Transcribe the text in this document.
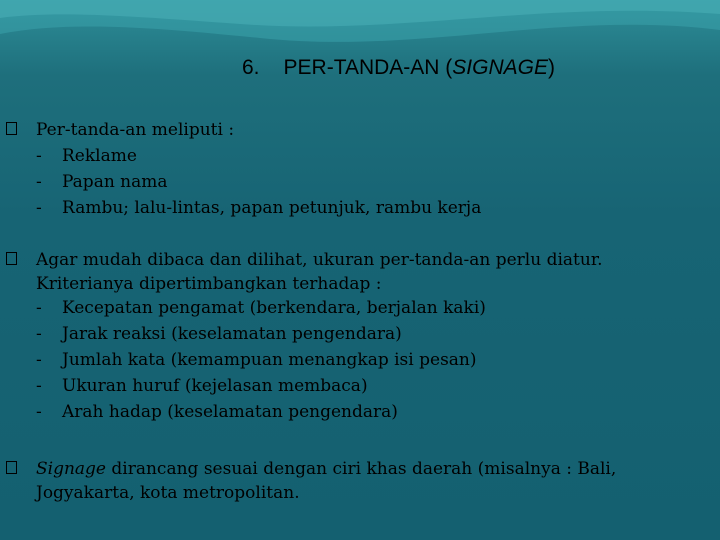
6. PER-TANDA-AN (SIGNAGE)
Per-tanda-an meliputi :
- Reklame
- Papan nama
- Rambu; lalu-lintas, papan petunjuk, rambu kerja
Agar mudah dibaca dan dilihat, ukuran per-tanda-an perlu diatur.
Kriterianya dipertimbangkan terhadap :
- Kecepatan pengamat (berkendara, berjalan kaki)
- Jarak reaksi (keselamatan pengendara)
- Jumlah kata (kemampuan menangkap isi pesan)
- Ukuran huruf (kejelasan membaca)
- Arah hadap (keselamatan pengendara)
Signage dirancang sesuai dengan ciri khas daerah (misalnya : Bali,
Jogyakarta, kota metropolitan.
